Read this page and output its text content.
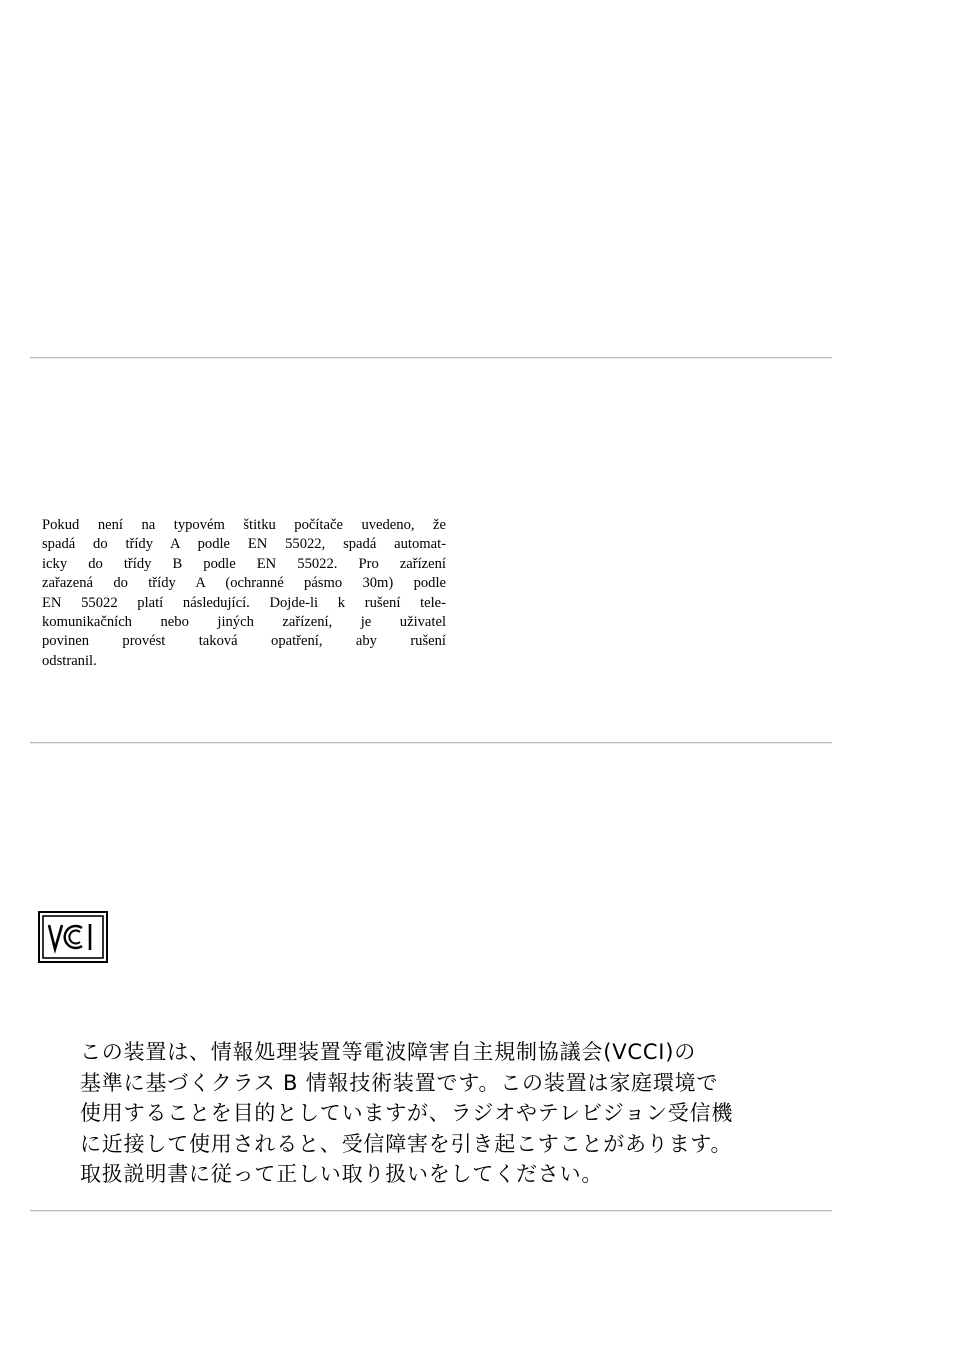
Pokud není na typovém štitku počítače uvedeno, že
spadá do třídy A podle EN 55022, spadá automat-
icky do třídy B podle EN 55022. Pro zařízení
zařazená do třídy A (ochranné pásmo 30m) podle
EN 55022 platí následující. Dojde-li k rušení tele-
komunikačních nebo jiných zařízení, je uživatel
povinen provést taková opatření, aby rušení
odstranil.
この装置は、情報処理装置等電波障害自主規制協議会(VCCI)の
基準に基づくクラス B 情報技術装置です。この装置は家庭環境で
使用することを目的としていますが、ラジオやテレビジョン受信機
に近接して使用されると、受信障害を引き起こすことがあります。
取扱説明書に従って正しい取り扱いをしてください。
